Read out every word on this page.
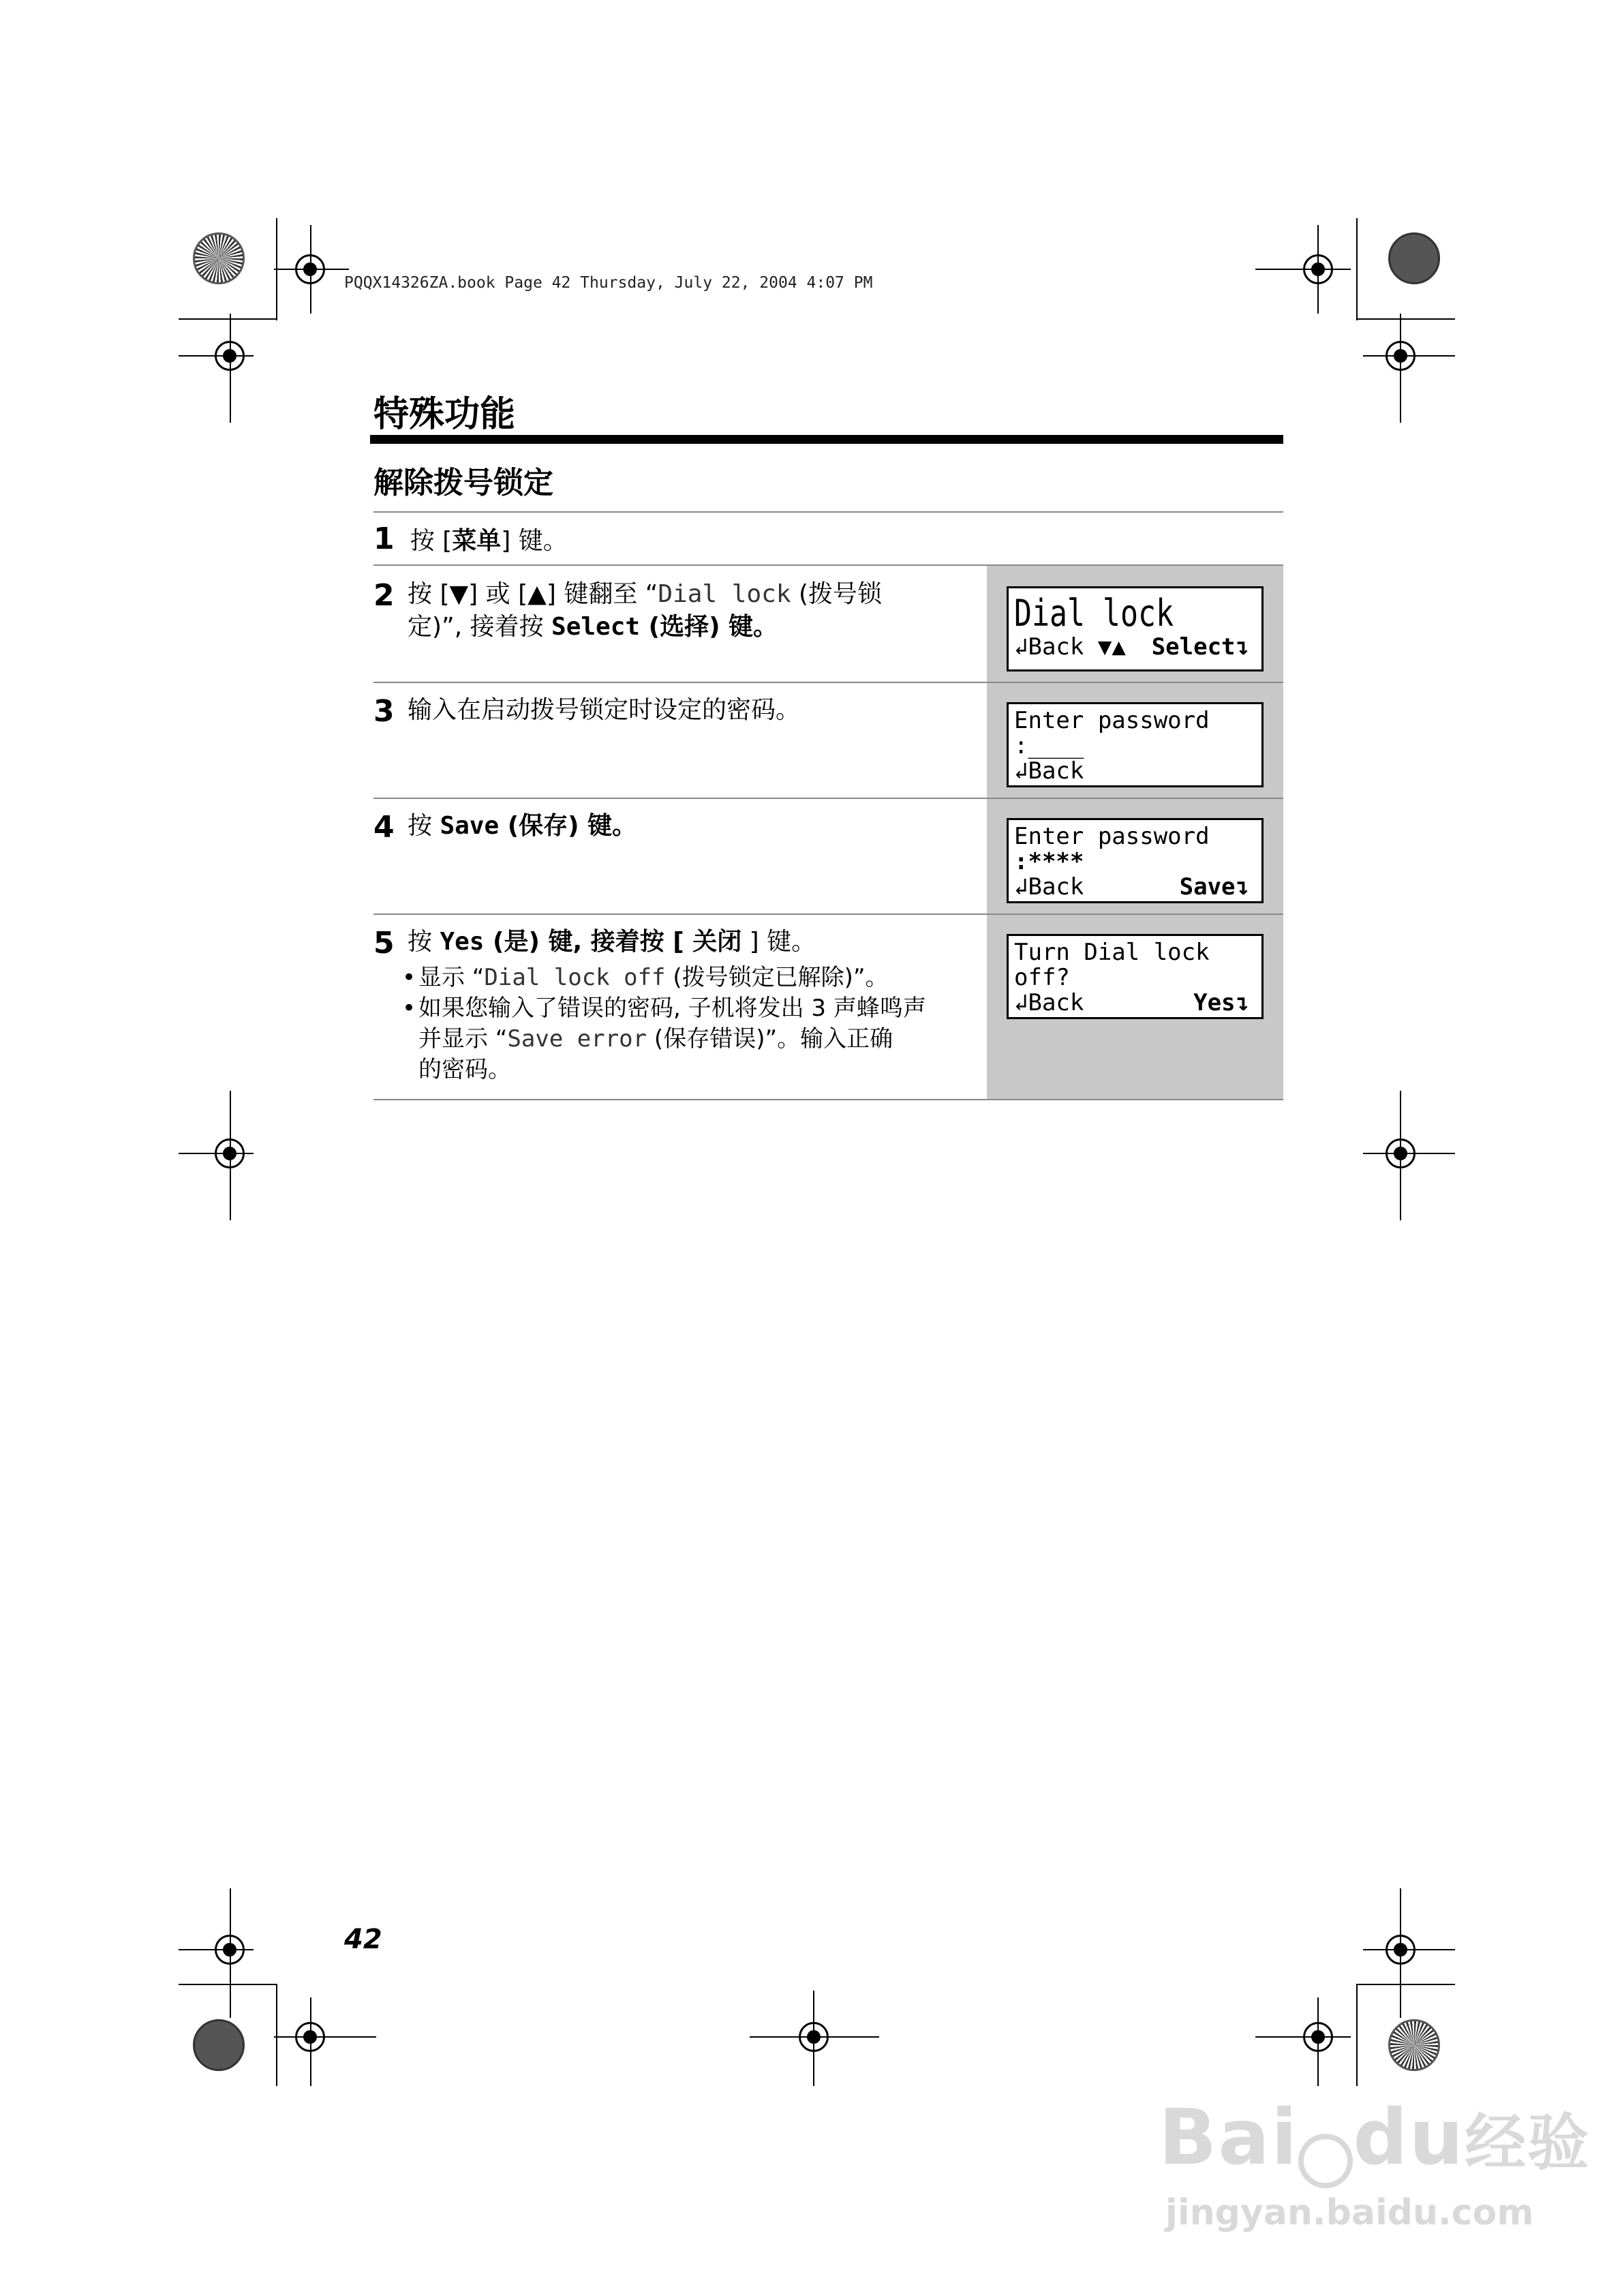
PQQX14326ZA.book Page 42 Thursday, July 22, 2004 4:07 PM
特殊功能
解除拨号锁定
1 按 [菜单] 键。
2 按 [▼] 或 [▲] 键翻至 “Dial lock (拨号锁
定)”, 接着按 Select (选择) 键。	Dial lock
↲Back ▼▲ Select↴
3 输入在启动拨号锁定时设定的密码。	Enter password
:____
↲Back
4 按 Save (保存) 键。	Enter password
:****
↲Back	Save↴
5 按 Yes (是) 键, 接着按 [ 关闭 ] 键。
• 显示 “Dial lock off (拨号锁定已解除)”。
• 如果您输入了错误的密码, 子机将发出 3 声蜂鸣声
并显示 “Save error (保存错误)”。输入正确
的密码。
Turn Dial lock
off?
↲Back	Yes↴
42
Bai du经验
jingyan.baidu.com
